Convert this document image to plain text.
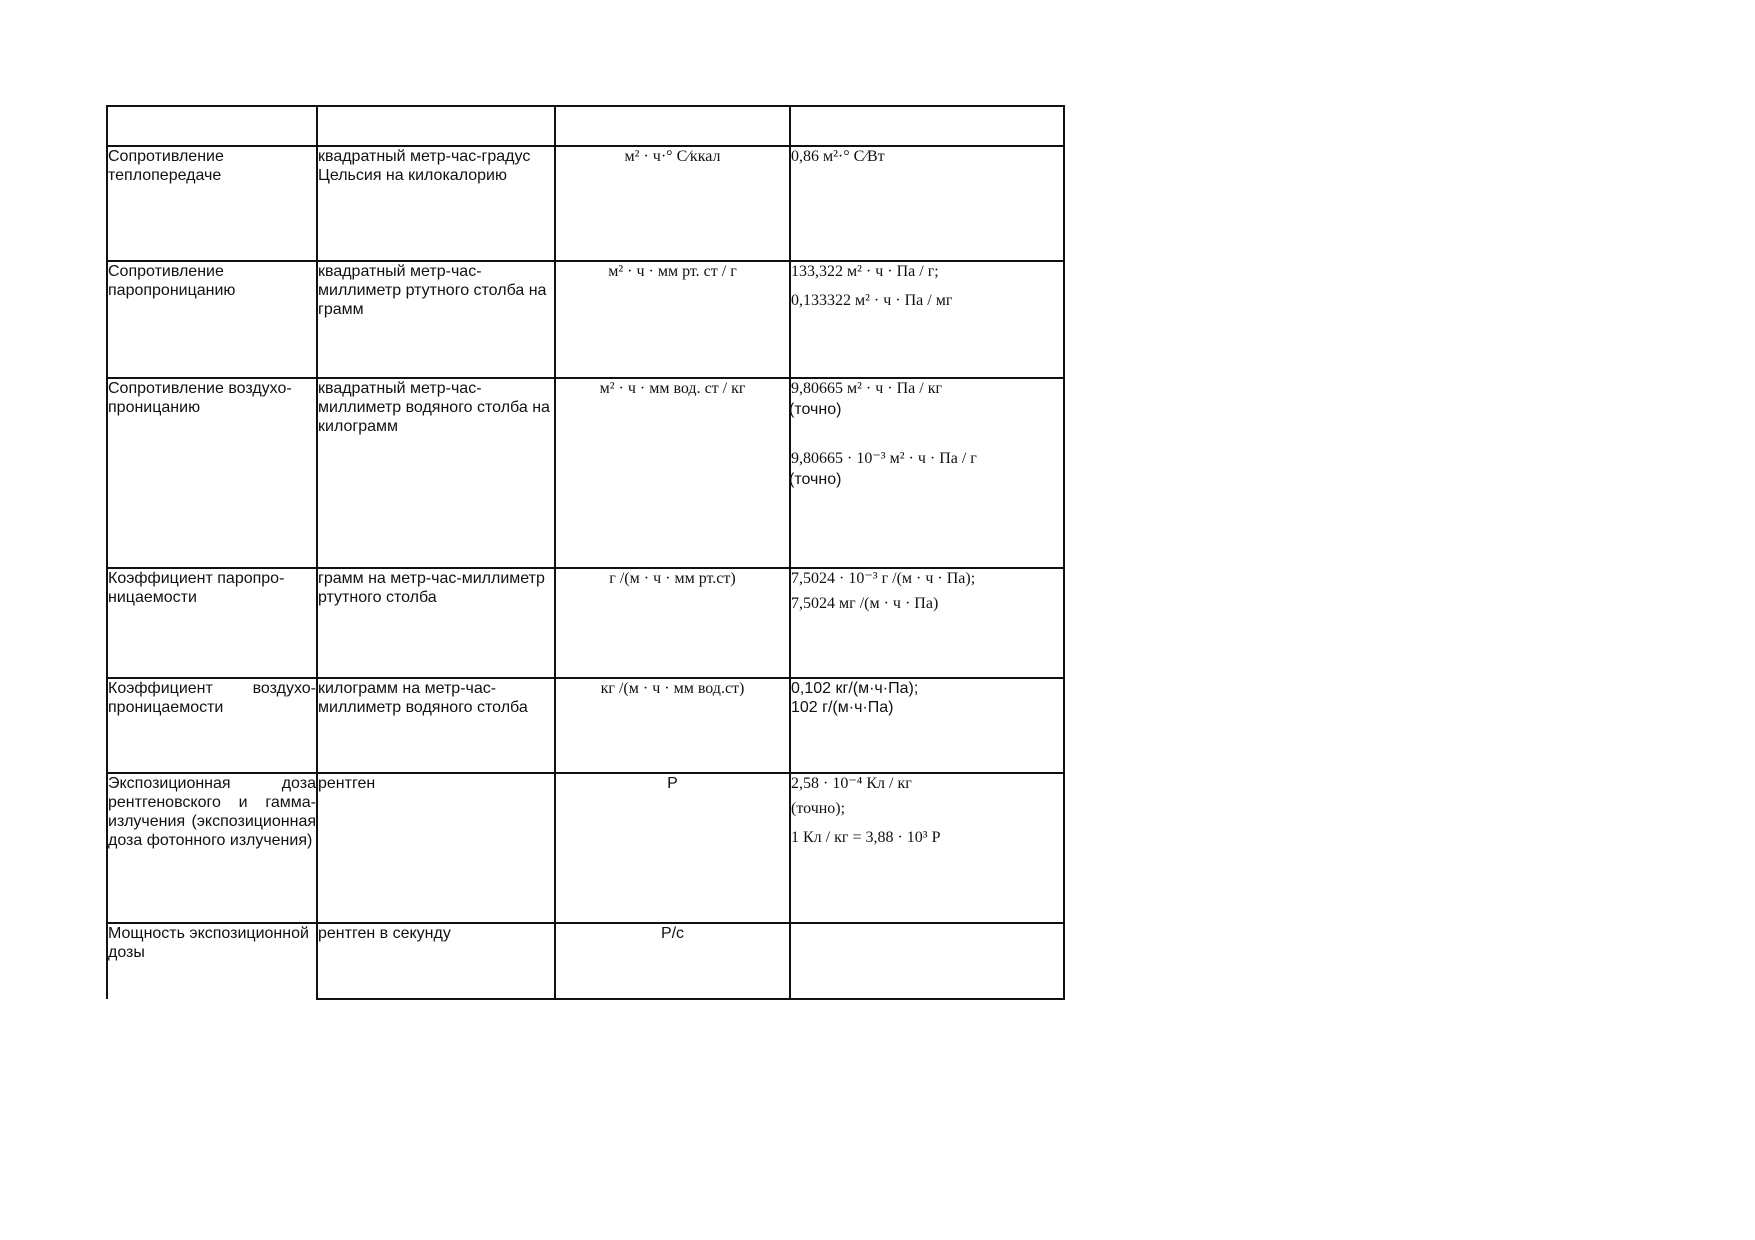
Сопротивление теплопередаче	квадратный метр-час-градус Цельсия на килокалорию	м² · ч·° С⁄ккал	0,86 м²·° С⁄Вт

Сопротивление паропроницанию	квадратный метр-час-миллиметр ртутного столба на грамм	м² · ч · мм рт. ст / г	133,322 м² · ч · Па / г;
0,133322 м² · ч · Па / мг

Сопротивление воздухо- проницанию	квадратный метр-час-миллиметр водяного столба на килограмм	м² · ч · мм вод. ст / кг	9,80665 м² · ч · Па / кг
(точно)
9,80665 · 10⁻³ м² · ч · Па / г
(точно)

Коэффициент паропро-ницаемости	грамм на метр-час-миллиметр ртутного столба	г /(м · ч · мм рт.ст)	7,5024 · 10⁻³ г /(м · ч · Па);
7,5024 мг /(м · ч · Па)

Коэффициент воздухо-проницаемости	килограмм на метр-час-миллиметр водяного столба	кг /(м · ч · мм вод.ст)	0,102 кг/(м·ч·Па);
102 г/(м·ч·Па)

Экспозиционная доза рентгеновского и гамма-излучения (экспозиционная доза фотонного излучения)	рентген	Р	2,58 · 10⁻⁴ Кл / кг
(точно);
1 Кл / кг = 3,88 · 10³ Р

Мощность экспозиционной дозы	рентген в секунду	Р/с	
